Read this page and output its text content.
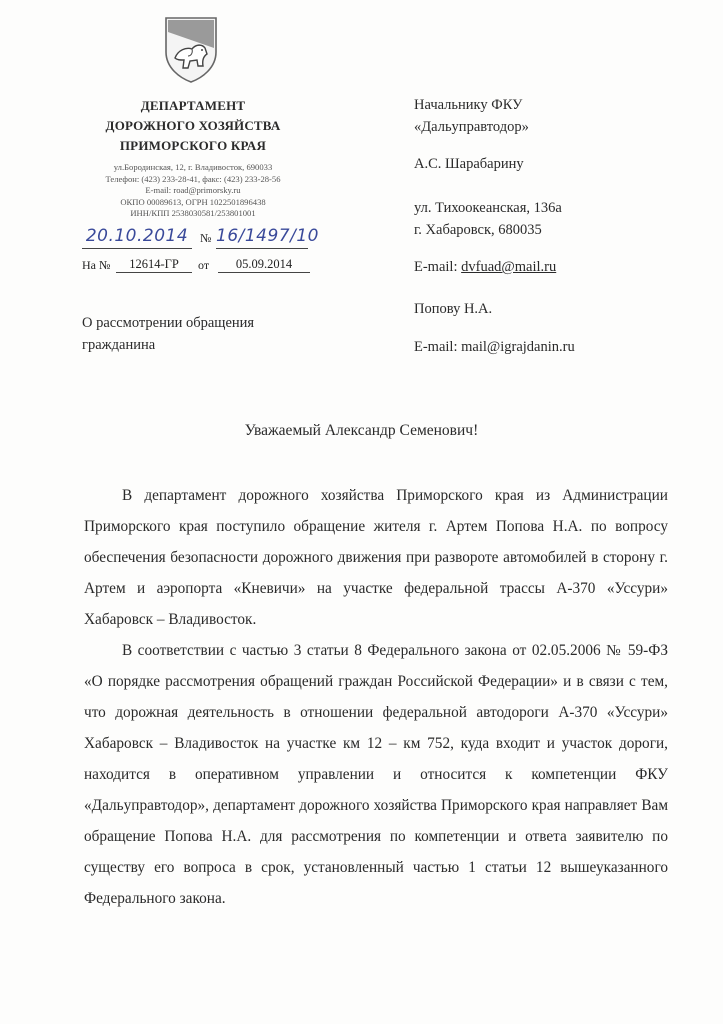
ДЕПАРТАМЕНТ
ДОРОЖНОГО ХОЗЯЙСТВА
ПРИМОРСКОГО КРАЯ
ул.Бородинская, 12, г. Владивосток, 690033
Телефон: (423) 233-28-41, факс: (423) 233-28-56
E-mail: road@primorsky.ru
ОКПО 00089613, ОГРН 1022501896438
ИНН/КПП 2538030581/253801001
20.10.2014 № 16/1497/10
На №	12614-ГР	от	05.09.2014
О рассмотрении обращения
гражданина
Начальнику ФКУ
«Дальуправтодор»
А.С. Шарабарину
ул. Тихоокеанская, 136а
г. Хабаровск, 680035
E-mail: dvfuad@mail.ru
Попову Н.А.
E-mail: mail@igrajdanin.ru
Уважаемый Александр Семенович!

В департамент дорожного хозяйства Приморского края из Администрации Приморского края поступило обращение жителя г. Артем Попова Н.А. по вопросу обеспечения безопасности дорожного движения при развороте автомобилей в сторону г. Артем и аэропорта «Кневичи» на участке федеральной трассы А-370 «Уссури» Хабаровск – Владивосток.

В соответствии с частью 3 статьи 8 Федерального закона от 02.05.2006 № 59-ФЗ «О порядке рассмотрения обращений граждан Российской Федерации» и в связи с тем, что дорожная деятельность в отношении федеральной автодороги А-370 «Уссури» Хабаровск – Владивосток на участке км 12 – км 752, куда входит и участок дороги, находится в оперативном управлении и относится к компетенции ФКУ «Дальуправтодор», департамент дорожного хозяйства Приморского края направляет Вам обращение Попова Н.А. для рассмотрения по компетенции и ответа заявителю по существу его вопроса в срок, установленный частью 1 статьи 12 вышеуказанного Федерального закона.
